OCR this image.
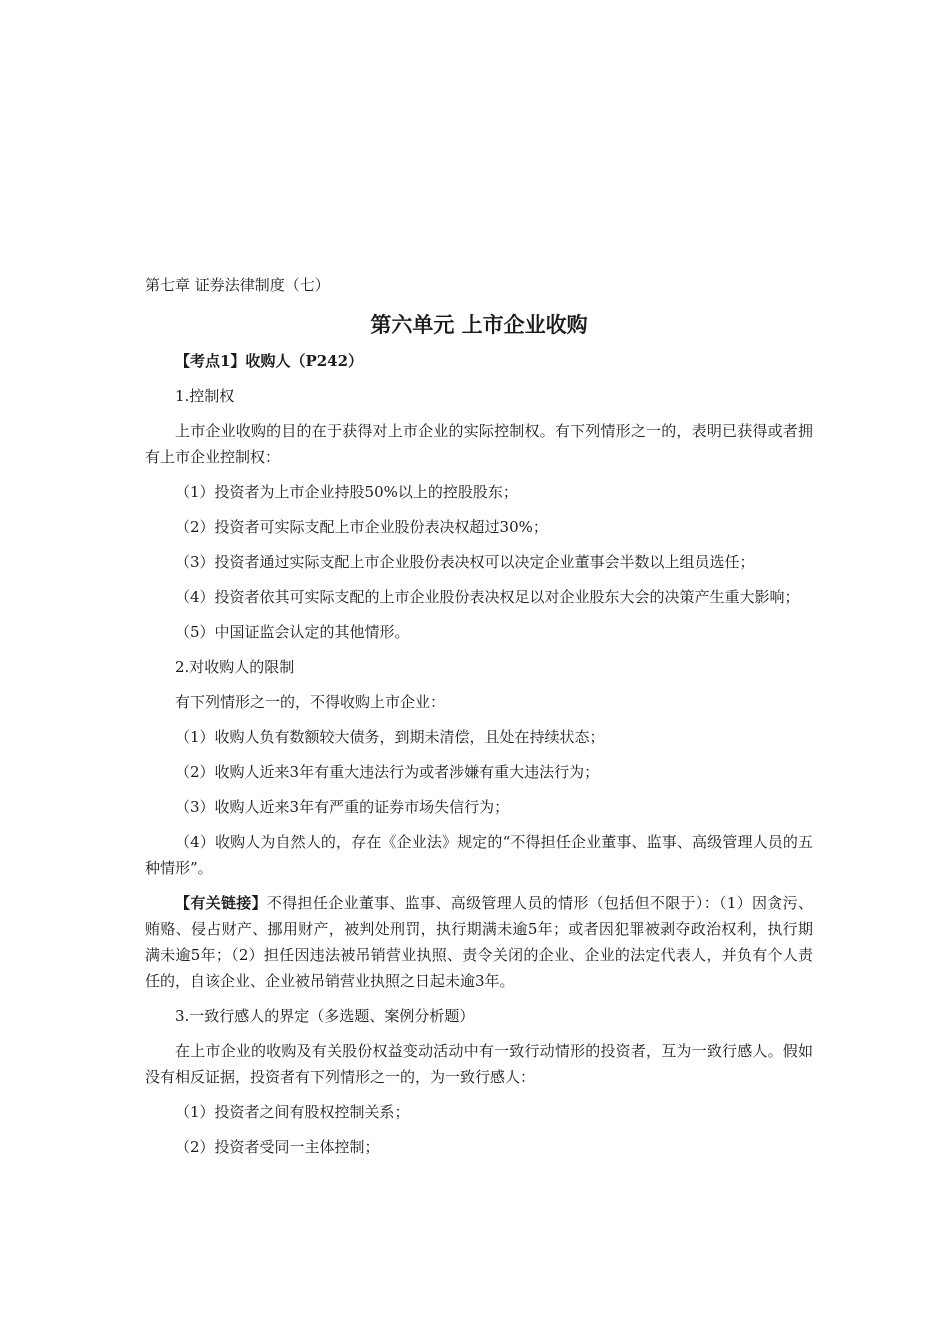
第七章 证券法律制度（七）

第六单元 上市企业收购

【考点1】收购人（P242）

1.控制权

上市企业收购的目的在于获得对上市企业的实际控制权。有下列情形之一的，表明已获得或者拥有上市企业控制权：

（1）投资者为上市企业持股50%以上的控股股东；

（2）投资者可实际支配上市企业股份表决权超过30%；

（3）投资者通过实际支配上市企业股份表决权可以决定企业董事会半数以上组员选任；

（4）投资者依其可实际支配的上市企业股份表决权足以对企业股东大会的决策产生重大影响；

（5）中国证监会认定的其他情形。

2.对收购人的限制

有下列情形之一的，不得收购上市企业：

（1）收购人负有数额较大债务，到期未清偿，且处在持续状态；

（2）收购人近来3年有重大违法行为或者涉嫌有重大违法行为；

（3）收购人近来3年有严重的证券市场失信行为；

（4）收购人为自然人的，存在《企业法》规定的“不得担任企业董事、监事、高级管理人员的五种情形”。

【有关链接】不得担任企业董事、监事、高级管理人员的情形（包括但不限于）：（1）因贪污、贿赂、侵占财产、挪用财产，被判处刑罚，执行期满未逾5年；或者因犯罪被剥夺政治权利，执行期满未逾5年；（2）担任因违法被吊销营业执照、责令关闭的企业、企业的法定代表人，并负有个人责任的，自该企业、企业被吊销营业执照之日起未逾3年。

3.一致行感人的界定（多选题、案例分析题）

在上市企业的收购及有关股份权益变动活动中有一致行动情形的投资者，互为一致行感人。假如没有相反证据，投资者有下列情形之一的，为一致行感人：

（1）投资者之间有股权控制关系；

（2）投资者受同一主体控制；
